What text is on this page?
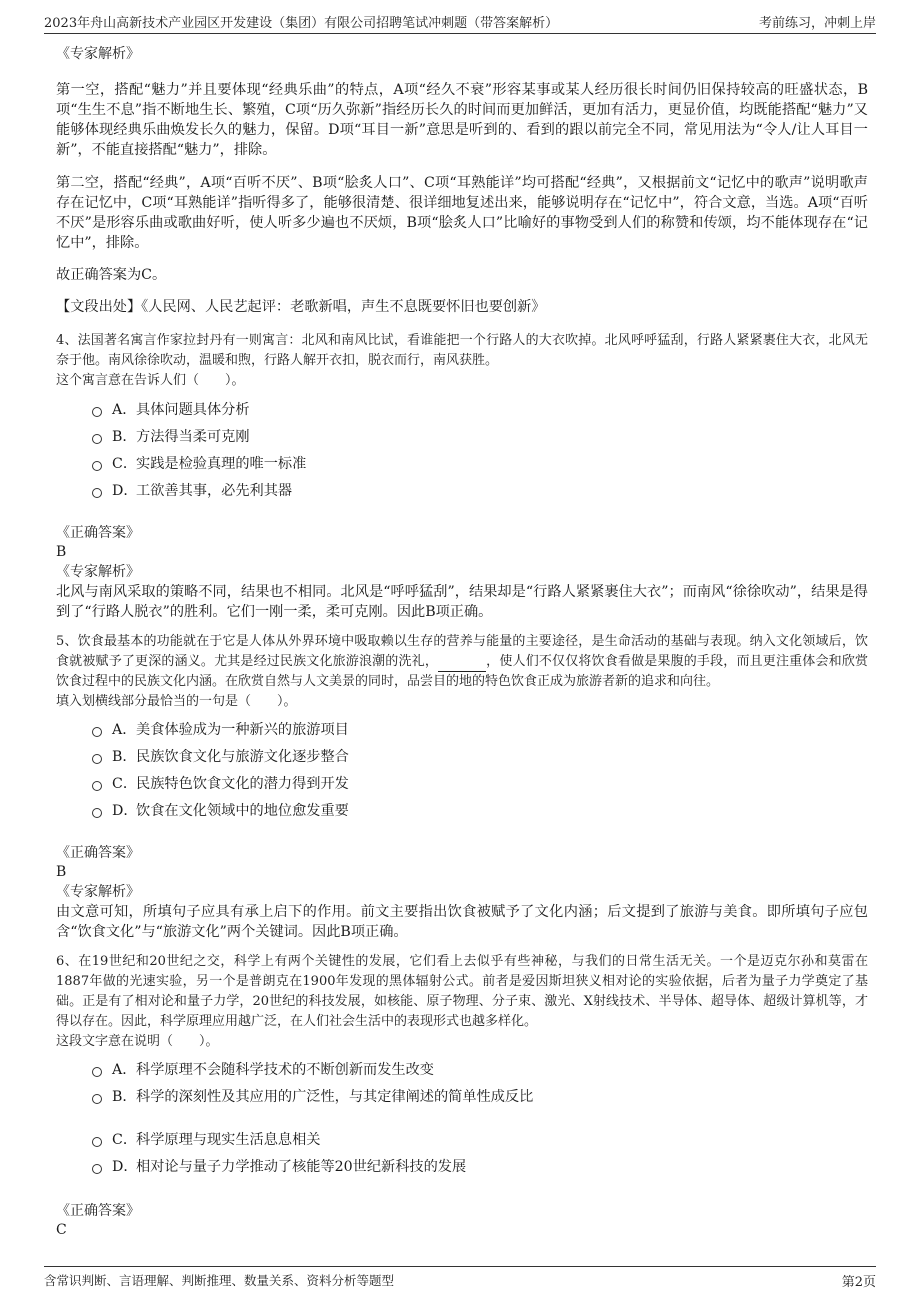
2023年舟山高新技术产业园区开发建设（集团）有限公司招聘笔试冲刺题（带答案解析）	考前练习，冲刺上岸

《专家解析》

第一空，搭配“魅力”并且要体现“经典乐曲”的特点，A项“经久不衰”形容某事或某人经历很长时间仍旧保持较高的旺盛状态，B项“生生不息”指不断地生长、繁殖，C项“历久弥新”指经历长久的时间而更加鲜活，更加有活力，更显价值，均既能搭配“魅力”又能够体现经典乐曲焕发长久的魅力，保留。D项“耳目一新”意思是听到的、看到的跟以前完全不同，常见用法为“令人/让人耳目一新”，不能直接搭配“魅力”，排除。

第二空，搭配“经典”，A项“百听不厌”、B项“脍炙人口”、C项“耳熟能详”均可搭配“经典”，又根据前文“记忆中的歌声”说明歌声存在记忆中，C项“耳熟能详”指听得多了，能够很清楚、很详细地复述出来，能够说明存在“记忆中”，符合文意，当选。A项“百听不厌”是形容乐曲或歌曲好听，使人听多少遍也不厌烦，B项“脍炙人口”比喻好的事物受到人们的称赞和传颂，均不能体现存在“记忆中”，排除。

故正确答案为C。

【文段出处】《人民网、人民艺起评：老歌新唱，声生不息既要怀旧也要创新》

4、法国著名寓言作家拉封丹有一则寓言：北风和南风比试，看谁能把一个行路人的大衣吹掉。北风呼呼猛刮，行路人紧紧裹住大衣，北风无奈于他。南风徐徐吹动，温暖和煦，行路人解开衣扣，脱衣而行，南风获胜。

这个寓言意在告诉人们（　　）。

A． 具体问题具体分析
B． 方法得当柔可克刚
C．
实践是检验真理的唯一标准
D．
工欲善其事，必先利其器

《正确答案》

B

《专家解析》

北风与南风采取的策略不同，结果也不相同。北风是“呼呼猛刮”，结果却是“行路人紧紧裹住大衣”；而南风“徐徐吹动”，结果是得到了“行路人脱衣”的胜利。它们一刚一柔，柔可克刚。因此B项正确。

5、饮食最基本的功能就在于它是人体从外界环境中吸取赖以生存的营养与能量的主要途径，是生命活动的基础与表现。纳入文化领域后，饮食就被赋予了更深的涵义。尤其是经过民族文化旅游浪潮的洗礼，	，使人们不仅仅将饮食看做是果腹的手段，而且更注重体会和欣赏饮食过程中的民族文化内涵。在欣赏自然与人文美景的同时，品尝目的地的特色饮食正成为旅游者新的追求和向往。

填入划横线部分最恰当的一句是（　　）。

A． 美食体验成为一种新兴的旅游项目
B． 民族饮食文化与旅游文化逐步整合
C．
民族特色饮食文化的潜力得到开发
D．
饮食在文化领域中的地位愈发重要

《正确答案》

B

《专家解析》

由文意可知，所填句子应具有承上启下的作用。前文主要指出饮食被赋予了文化内涵；后文提到了旅游与美食。即所填句子应包含“饮食文化”与“旅游文化”两个关键词。因此B项正确。

6、在19世纪和20世纪之交，科学上有两个关键性的发展，它们看上去似乎有些神秘，与我们的日常生活无关。一个是迈克尔孙和莫雷在1887年做的光速实验，另一个是普朗克在1900年发现的黑体辐射公式。前者是爱因斯坦狭义相对论的实验依据，后者为量子力学奠定了基础。正是有了相对论和量子力学，20世纪的科技发展，如核能、原子物理、分子束、激光、X射线技术、半导体、超导体、超级计算机等，才得以存在。因此，科学原理应用越广泛，在人们社会生活中的表现形式也越多样化。

这段文字意在说明（　　）。

A． 科学原理不会随科学技术的不断创新而发生改变
B． 科学的深刻性及其应用的广泛性，与其定律阐述的简单性成反比
C．
科学原理与现实生活息息相关
D．
相对论与量子力学推动了核能等20世纪新科技的发展

《正确答案》

C

含常识判断、言语理解、判断推理、数量关系、资料分析等题型	第2页
